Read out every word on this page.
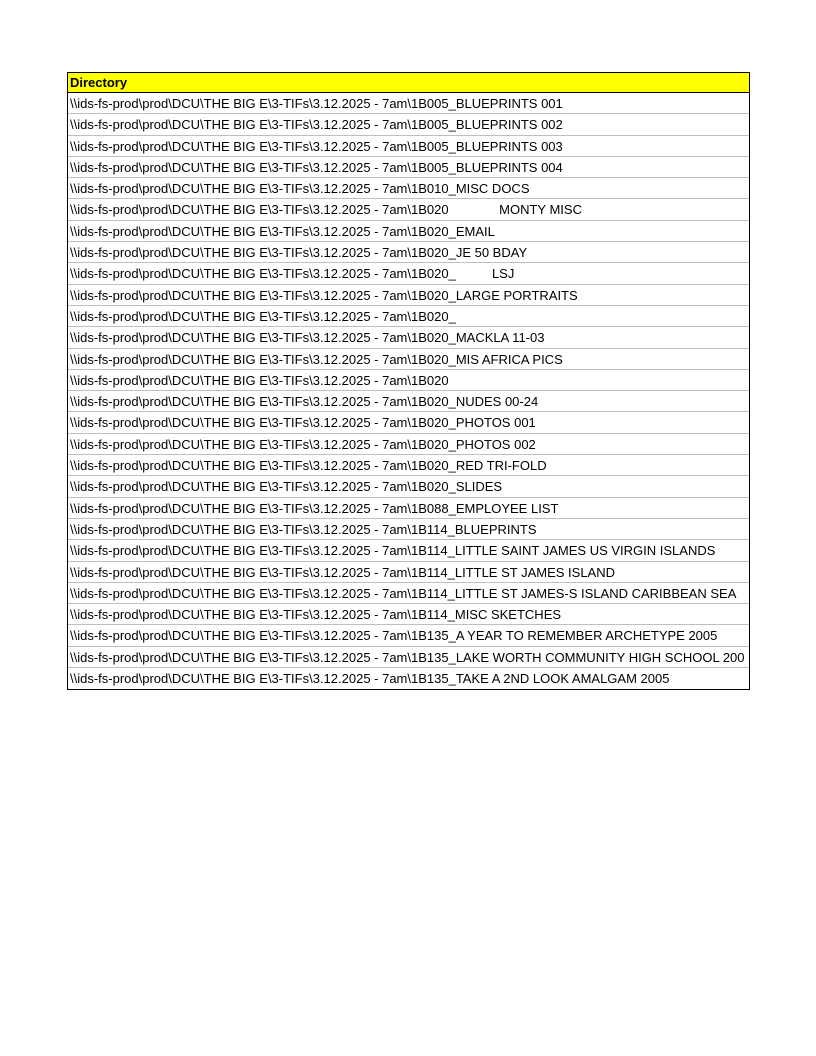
Directory
\\ids-fs-prod\prod\DCU\THE BIG E\3-TIFs\3.12.2025 - 7am\1B005_BLUEPRINTS 001
\\ids-fs-prod\prod\DCU\THE BIG E\3-TIFs\3.12.2025 - 7am\1B005_BLUEPRINTS 002
\\ids-fs-prod\prod\DCU\THE BIG E\3-TIFs\3.12.2025 - 7am\1B005_BLUEPRINTS 003
\\ids-fs-prod\prod\DCU\THE BIG E\3-TIFs\3.12.2025 - 7am\1B005_BLUEPRINTS 004
\\ids-fs-prod\prod\DCU\THE BIG E\3-TIFs\3.12.2025 - 7am\1B010_MISC DOCS
\\ids-fs-prod\prod\DCU\THE BIG E\3-TIFs\3.12.2025 - 7am\1B020              MONTY MISC
\\ids-fs-prod\prod\DCU\THE BIG E\3-TIFs\3.12.2025 - 7am\1B020_EMAIL
\\ids-fs-prod\prod\DCU\THE BIG E\3-TIFs\3.12.2025 - 7am\1B020_JE 50 BDAY
\\ids-fs-prod\prod\DCU\THE BIG E\3-TIFs\3.12.2025 - 7am\1B020_          LSJ
\\ids-fs-prod\prod\DCU\THE BIG E\3-TIFs\3.12.2025 - 7am\1B020_LARGE PORTRAITS
\\ids-fs-prod\prod\DCU\THE BIG E\3-TIFs\3.12.2025 - 7am\1B020_
\\ids-fs-prod\prod\DCU\THE BIG E\3-TIFs\3.12.2025 - 7am\1B020_MACKLA 11-03
\\ids-fs-prod\prod\DCU\THE BIG E\3-TIFs\3.12.2025 - 7am\1B020_MIS AFRICA PICS
\\ids-fs-prod\prod\DCU\THE BIG E\3-TIFs\3.12.2025 - 7am\1B020
\\ids-fs-prod\prod\DCU\THE BIG E\3-TIFs\3.12.2025 - 7am\1B020_NUDES 00-24
\\ids-fs-prod\prod\DCU\THE BIG E\3-TIFs\3.12.2025 - 7am\1B020_PHOTOS 001
\\ids-fs-prod\prod\DCU\THE BIG E\3-TIFs\3.12.2025 - 7am\1B020_PHOTOS 002
\\ids-fs-prod\prod\DCU\THE BIG E\3-TIFs\3.12.2025 - 7am\1B020_RED TRI-FOLD
\\ids-fs-prod\prod\DCU\THE BIG E\3-TIFs\3.12.2025 - 7am\1B020_SLIDES
\\ids-fs-prod\prod\DCU\THE BIG E\3-TIFs\3.12.2025 - 7am\1B088_EMPLOYEE LIST
\\ids-fs-prod\prod\DCU\THE BIG E\3-TIFs\3.12.2025 - 7am\1B114_BLUEPRINTS
\\ids-fs-prod\prod\DCU\THE BIG E\3-TIFs\3.12.2025 - 7am\1B114_LITTLE SAINT JAMES US VIRGIN ISLANDS
\\ids-fs-prod\prod\DCU\THE BIG E\3-TIFs\3.12.2025 - 7am\1B114_LITTLE ST JAMES ISLAND
\\ids-fs-prod\prod\DCU\THE BIG E\3-TIFs\3.12.2025 - 7am\1B114_LITTLE ST JAMES-S ISLAND CARIBBEAN SEA
\\ids-fs-prod\prod\DCU\THE BIG E\3-TIFs\3.12.2025 - 7am\1B114_MISC SKETCHES
\\ids-fs-prod\prod\DCU\THE BIG E\3-TIFs\3.12.2025 - 7am\1B135_A YEAR TO REMEMBER ARCHETYPE 2005
\\ids-fs-prod\prod\DCU\THE BIG E\3-TIFs\3.12.2025 - 7am\1B135_LAKE WORTH COMMUNITY HIGH SCHOOL 200
\\ids-fs-prod\prod\DCU\THE BIG E\3-TIFs\3.12.2025 - 7am\1B135_TAKE A 2ND LOOK AMALGAM 2005
